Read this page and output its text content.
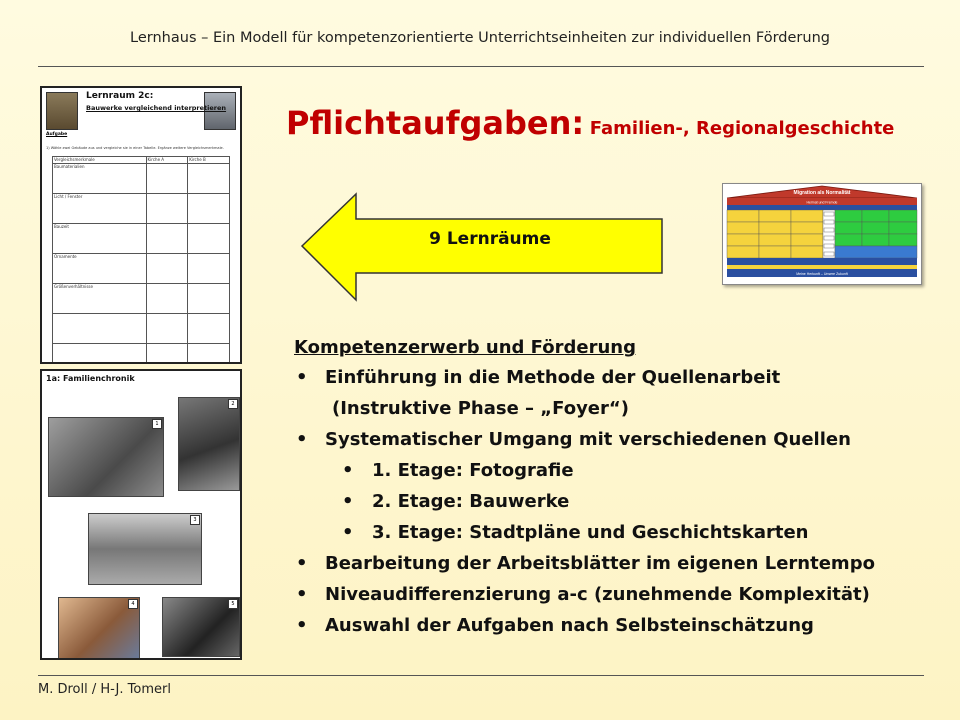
Lernhaus – Ein Modell für kompetenzorientierte Unterrichtseinheiten zur individuellen Förderung
Lernraum 2c:
Bauwerke vergleichend interpretieren
Aufgabe
1) Wähle zwei Gebäude aus und vergleiche sie in einer Tabelle. Ergänze weitere Vergleichsmerkmale.
Vergleichsmerkmale	Kirche A	Kirche B
Baumaterialien		
Licht / Fenster		
Bauzeit		
Ornamente		
Größenverhältnisse		

1a: Familienchronik
1
2
3
4	5
Pflichtaufgaben: Familien-, Regionalgeschichte
9 Lernräume
Migration als Normalität
Heimat und Fremde
Meine Herkunft – Unsere Zukunft
Kompetenzerwerb und Förderung
• Einführung in die Methode der Quellenarbeit
(Instruktive Phase – „Foyer“)
• Systematischer Umgang mit verschiedenen Quellen
• 1. Etage: Fotografie
• 2. Etage: Bauwerke
• 3. Etage: Stadtpläne und Geschichtskarten
• Bearbeitung der Arbeitsblätter im eigenen Lerntempo
• Niveaudifferenzierung a-c (zunehmende Komplexität)
• Auswahl der Aufgaben nach Selbsteinschätzung
M. Droll / H-J. Tomerl
